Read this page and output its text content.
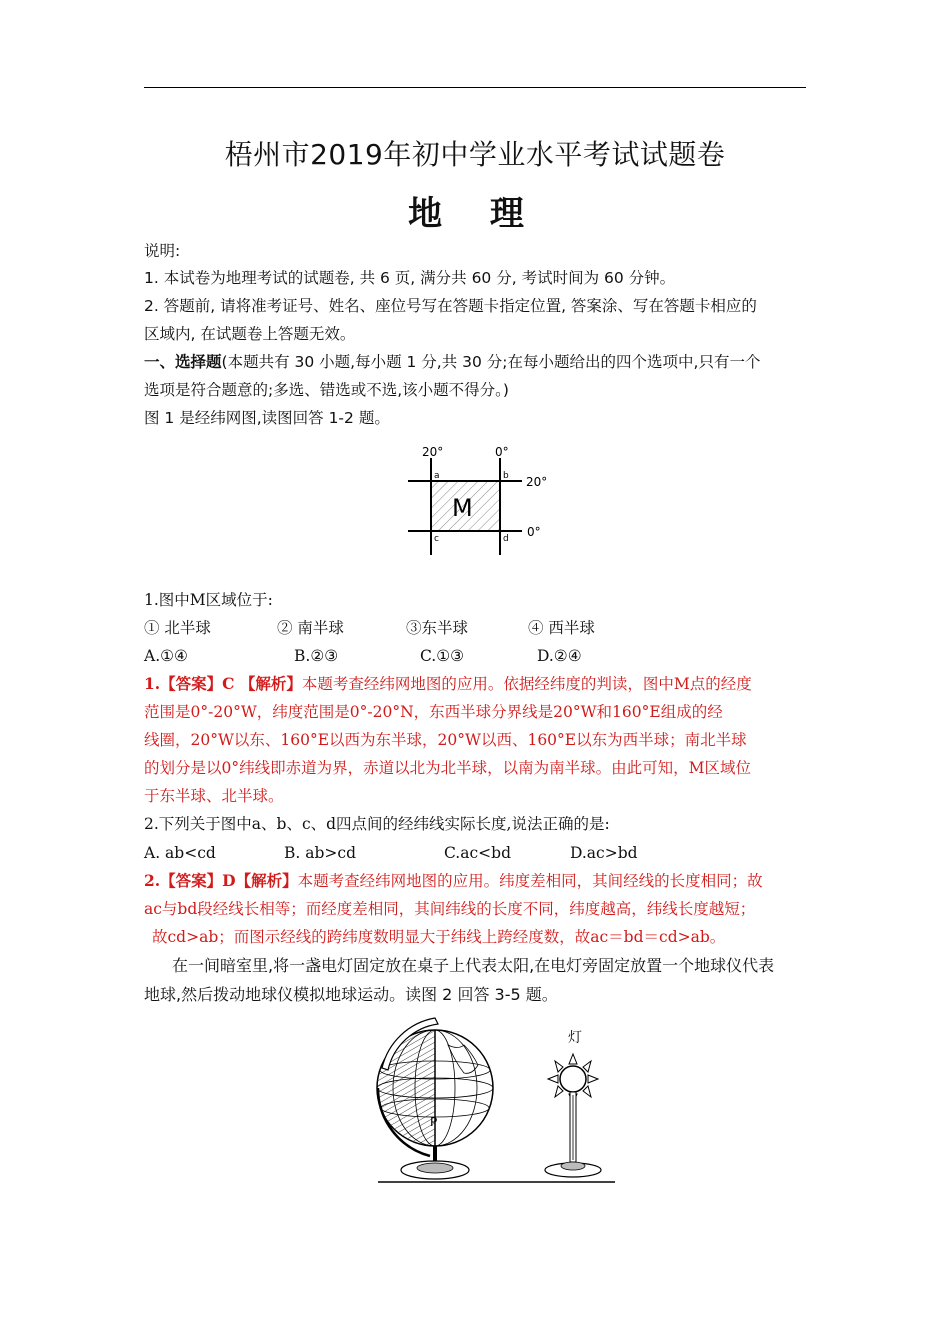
梧州市2019年初中学业水平考试试题卷
地 理
说明:
1. 本试卷为地理考试的试题卷, 共 6 页, 满分共 60 分, 考试时间为 60 分钟。
2. 答题前, 请将准考证号、姓名、座位号写在答题卡指定位置, 答案涂、写在答题卡相应的
区域内, 在试题卷上答题无效。
一、选择题(本题共有 30 小题,每小题 1 分,共 30 分;在每小题给出的四个选项中,只有一个
选项是符合题意的;多选、错选或不选,该小题不得分。)
图 1 是经纬网图,读图回答 1-2 题。
20°	0°
20°
0°
a	b
c	d
M
1.图中M区域位于:
① 北半球	② 南半球	③东半球	④ 西半球
A.①④	B.②③	C.①③	D.②④
1.【答案】C 【解析】本题考查经纬网地图的应用。依据经纬度的判读，图中M点的经度
范围是0°-20°W，纬度范围是0°-20°N，东西半球分界线是20°W和160°E组成的经
线圈，20°W以东、160°E以西为东半球，20°W以西、160°E以东为西半球；南北半球
的划分是以0°纬线即赤道为界，赤道以北为北半球，以南为南半球。由此可知，M区域位
于东半球、北半球。
2.下列关于图中a、b、c、d四点间的经纬线实际长度,说法正确的是:
A. ab<cd	B. ab>cd	C.ac<bd	D.ac>bd
2.【答案】D【解析】本题考查经纬网地图的应用。纬度差相同，其间经线的长度相同；故
ac与bd段经线长相等；而经度差相同，其间纬线的长度不同，纬度越高，纬线长度越短；
故cd>ab；而图示经线的跨纬度数明显大于纬线上跨经度数，故ac＝bd＝cd>ab。
在一间暗室里,将一盏电灯固定放在桌子上代表太阳,在电灯旁固定放置一个地球仪代表
地球,然后拨动地球仪模拟地球运动。读图 2 回答 3-5 题。
P
灯
